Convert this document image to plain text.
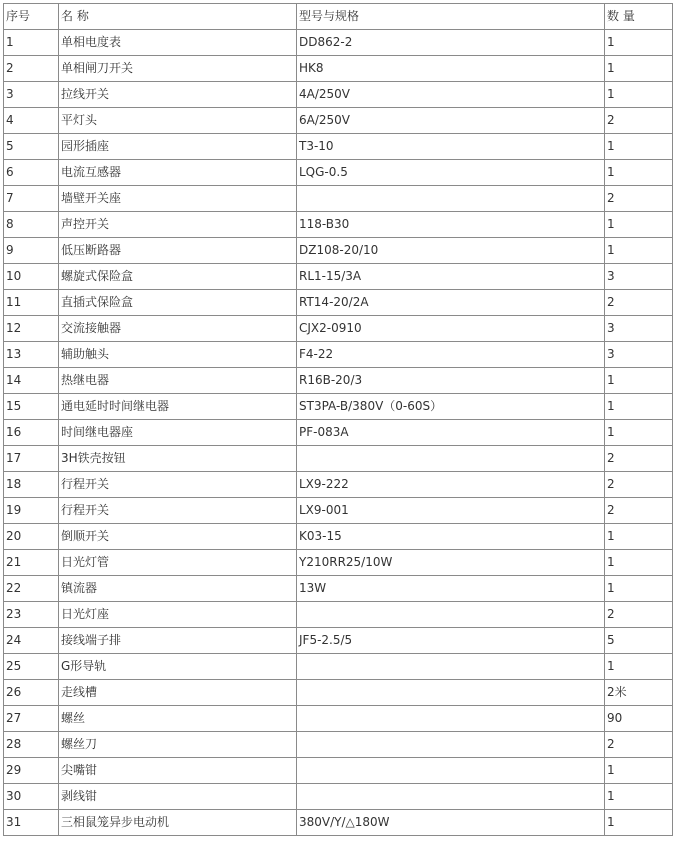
序号	名 称	型号与规格	数 量
1	单相电度表	DD862-2	1
2	单相闸刀开关	HK8	1
3	拉线开关	4A/250V	1
4	平灯头	6A/250V	2
5	园形插座	T3-10	1
6	电流互感器	LQG-0.5	1
7	墙壁开关座		2
8	声控开关	118-B30	1
9	低压断路器	DZ108-20/10	1
10	螺旋式保险盒	RL1-15/3A	3
11	直插式保险盒	RT14-20/2A	2
12	交流接触器	CJX2-0910	3
13	辅助触头	F4-22	3
14	热继电器	R16B-20/3	1
15	通电延时时间继电器	ST3PA-B/380V（0-60S）	1
16	时间继电器座	PF-083A	1
17	3H铁壳按钮		2
18	行程开关	LX9-222	2
19	行程开关	LX9-001	2
20	倒顺开关	K03-15	1
21	日光灯管	Y210RR25/10W	1
22	镇流器	13W	1
23	日光灯座		2
24	接线端子排	JF5-2.5/5	5
25	G形导轨		1
26	走线槽		2米
27	螺丝		90
28	螺丝刀		2
29	尖嘴钳		1
30	剥线钳		1
31	三相鼠笼异步电动机	380V/Y/△180W	1
